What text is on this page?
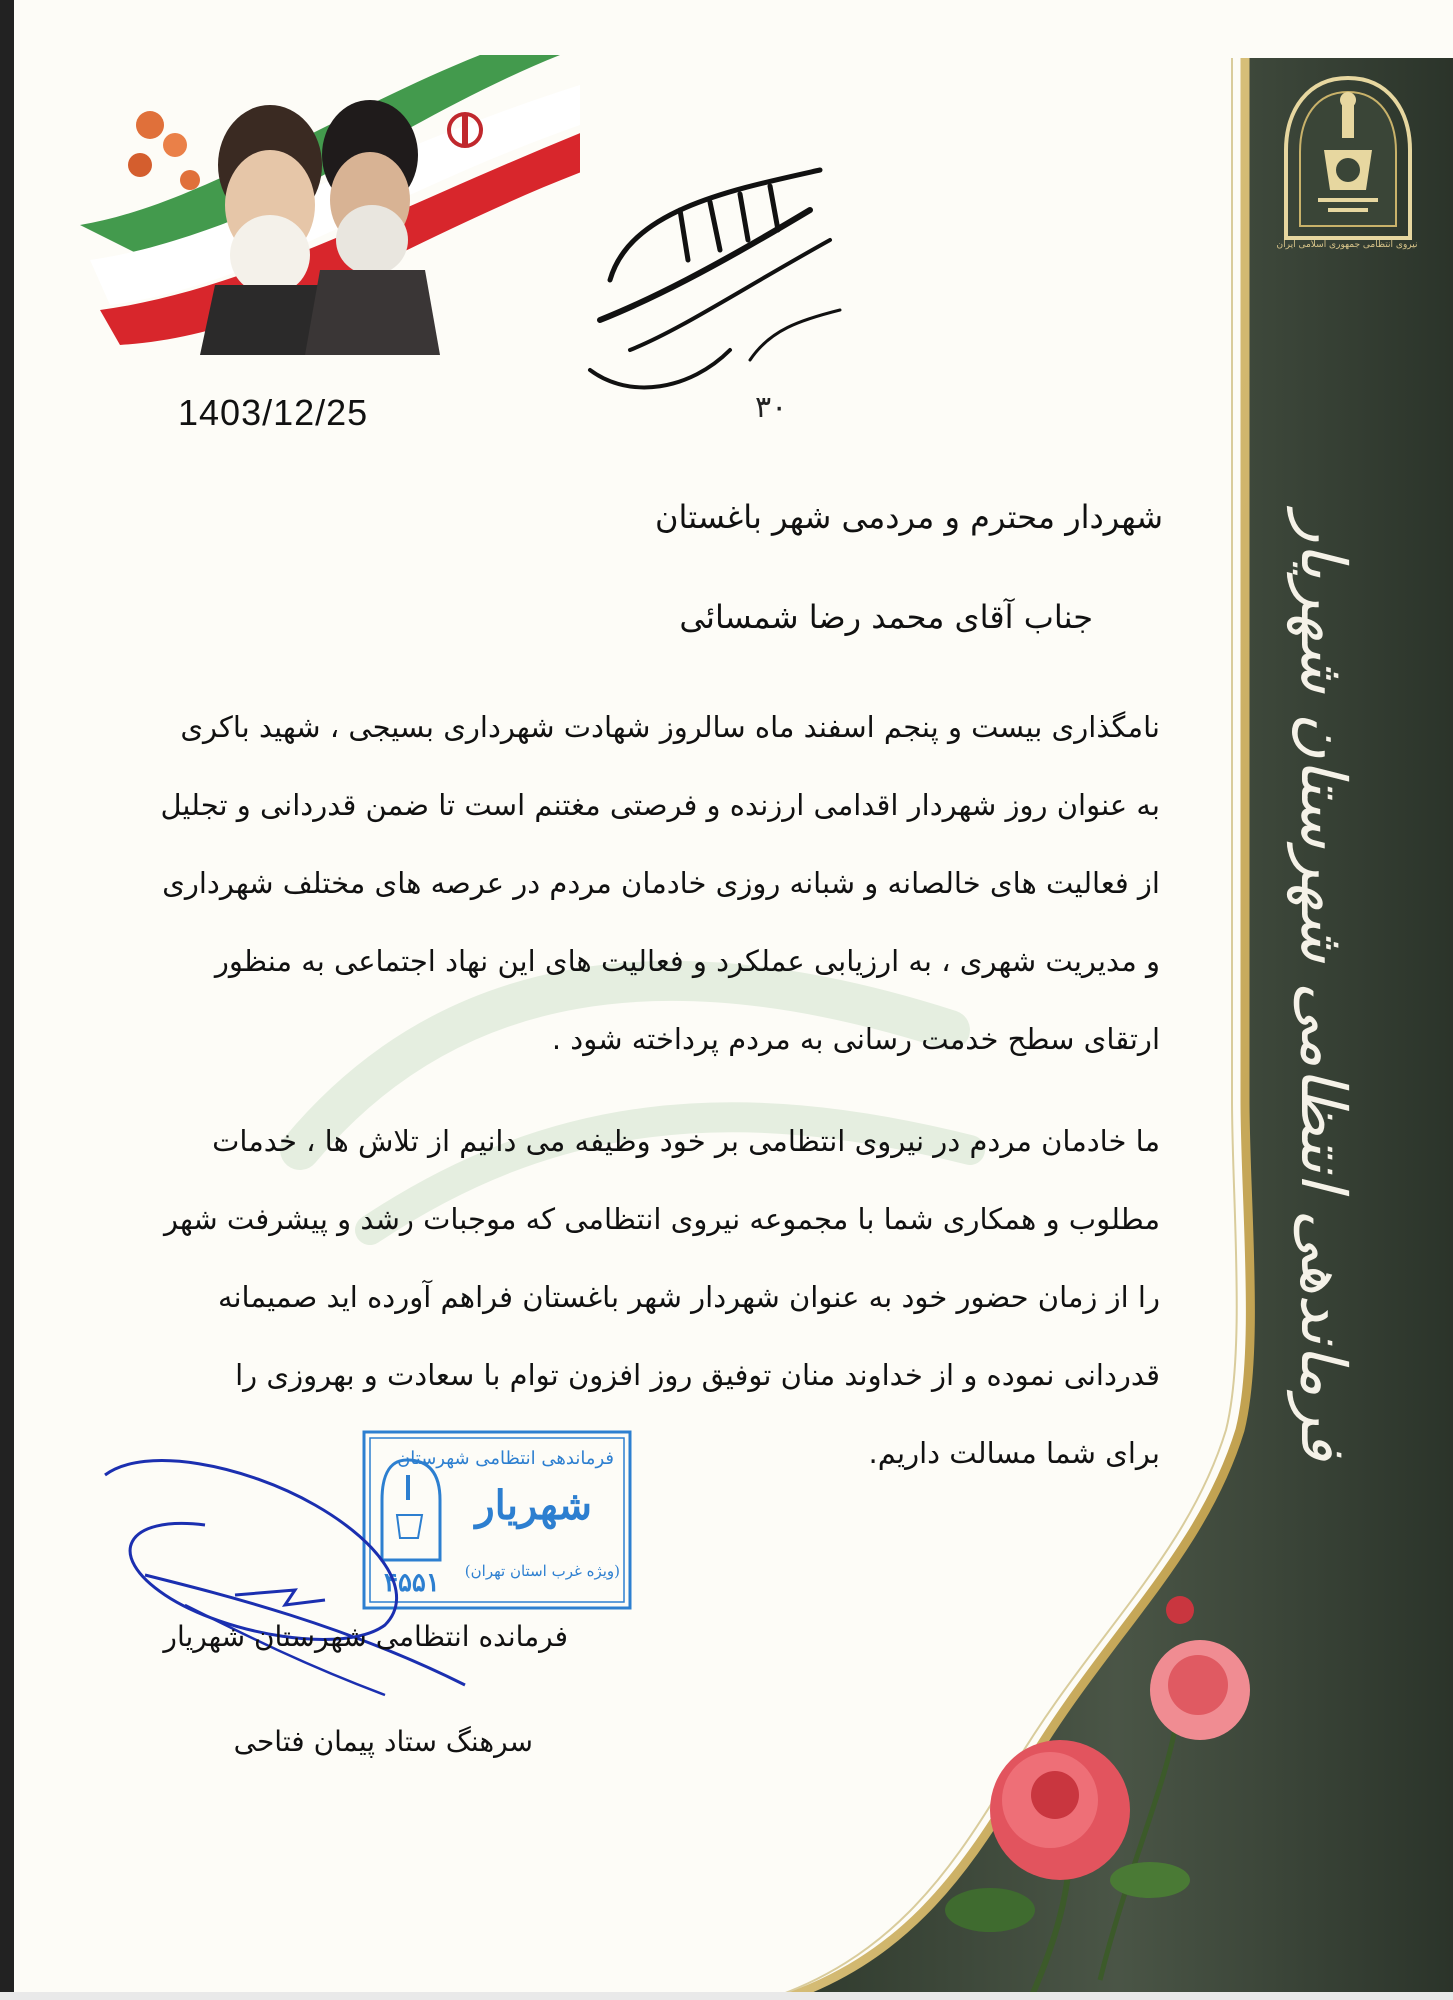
فرماندهی انتظامی شهرستان شهریار
نیروی انتظامی جمهوری اسلامی ایران
1403/12/25	۳۰
شهردار محترم و مردمی شهر باغستان
جناب آقای محمد رضا شمسائی
نامگذاری بیست و پنجم اسفند ماه سالروز شهادت شهرداری بسیجی ، شهید باکری
به عنوان روز شهردار اقدامی ارزنده و فرصتی مغتنم است تا ضمن قدردانی و تجلیل
از فعالیت های خالصانه و شبانه روزی خادمان مردم در عرصه های مختلف شهرداری
و مدیریت شهری ، به ارزیابی عملکرد و فعالیت های این نهاد اجتماعی به منظور
ارتقای سطح خدمت رسانی به مردم پرداخته شود .
ما خادمان مردم در نیروی انتظامی بر خود وظیفه می دانیم از تلاش ها ، خدمات
مطلوب و همکاری شما با مجموعه نیروی انتظامی که موجبات رشد و پیشرفت شهر
را از زمان حضور خود به عنوان شهردار شهر باغستان فراهم آورده اید صمیمانه
قدردانی نموده و از خداوند منان توفیق روز افزون توام با سعادت و بهروزی را
برای شما مسالت داریم.
فرماندهی انتظامی شهرستان
شهریار
(ویژه غرب استان تهران)
۴۵۵۱
فرمانده انتظامی شهرستان شهریار
سرهنگ ستاد پیمان فتاحی
